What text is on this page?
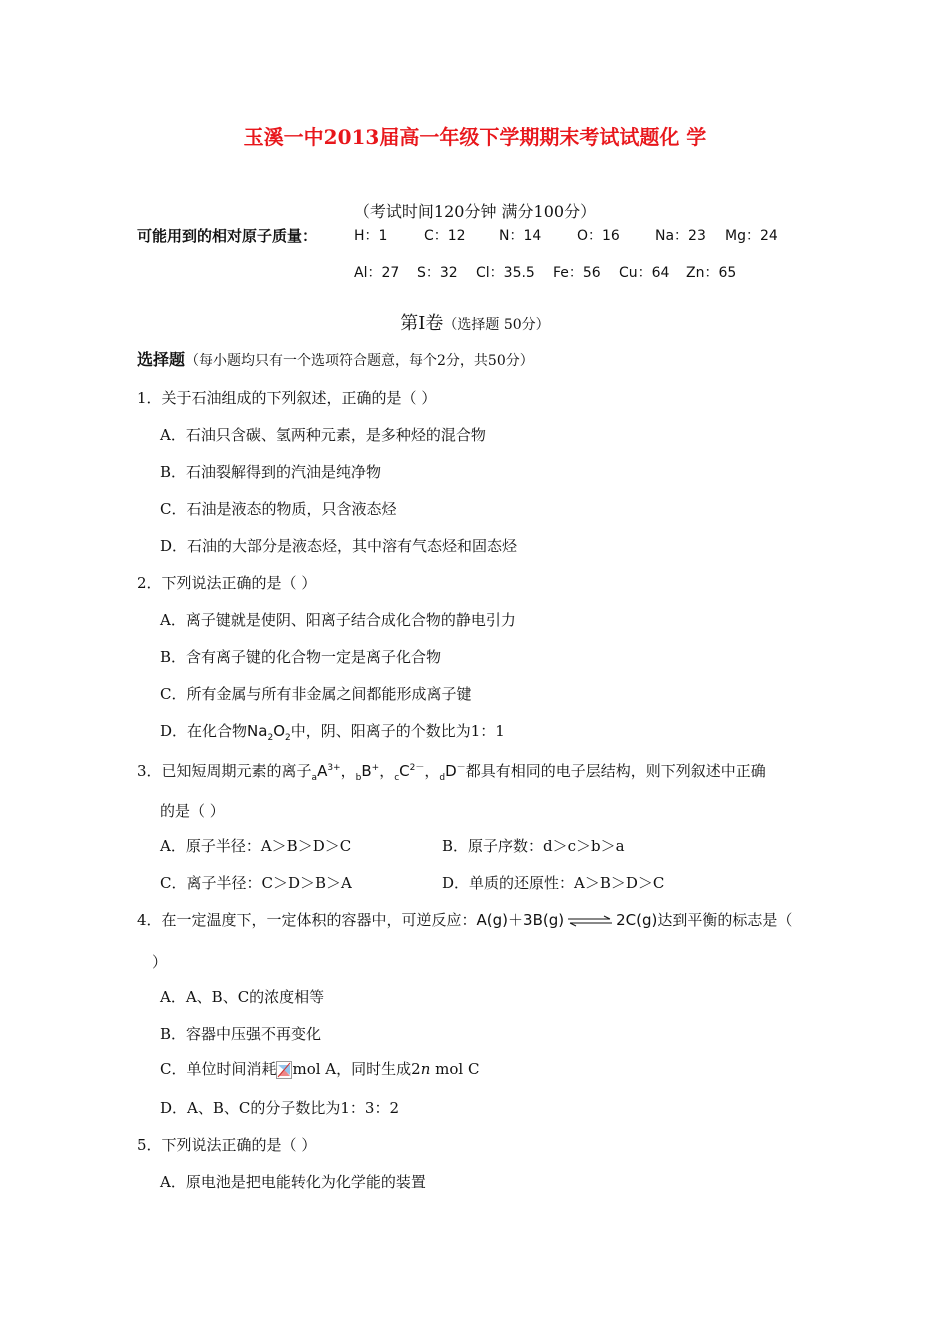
玉溪一中2013届高一年级下学期期末考试试题化 学
（考试时间120分钟 满分100分）
可能用到的相对原子质量：	H：1	C：12 N：14	O：16	Na：23 Mg：24
Al：27 S：32 Cl：35.5 Fe：56 Cu：64 Zn：65
第Ⅰ卷（选择题 50分）
选择题（每小题均只有一个选项符合题意，每个2分，共50分）
1．关于石油组成的下列叙述，正确的是（ ）
A．石油只含碳、氢两种元素，是多种烃的混合物
B．石油裂解得到的汽油是纯净物
C．石油是液态的物质，只含液态烃
D．石油的大部分是液态烃，其中溶有气态烃和固态烃
2．下列说法正确的是（ ）
A．离子键就是使阴、阳离子结合成化合物的静电引力
B．含有离子键的化合物一定是离子化合物
C．所有金属与所有非金属之间都能形成离子键
D．在化合物$Na_2O_2$中，阴、阳离子的个数比为1：1
3．已知短周期元素的离子$_aA^{3+}$，$_b$B+，$_cC^{2-}$，$_d$D－都具有相同的电子层结构，则下列叙述中正确
的是（ ）
A．原子半径：A＞B＞D＞C	B．原子序数：d＞c＞b＞a
C．离子半径：C＞D＞B＞A	D．单质的还原性：A＞B＞D＞C
4．在一定温度下，一定体积的容器中，可逆反应：A(g)＋3B(g) ⇌ 2C(g)达到平衡的标志是（
）
A．A、B、C的浓度相等
B．容器中压强不再变化
C．单位时间消耗 mol A，同时生成2n mol C
D．A、B、C的分子数比为1：3：2
5．下列说法正确的是（ ）
A．原电池是把电能转化为化学能的装置
